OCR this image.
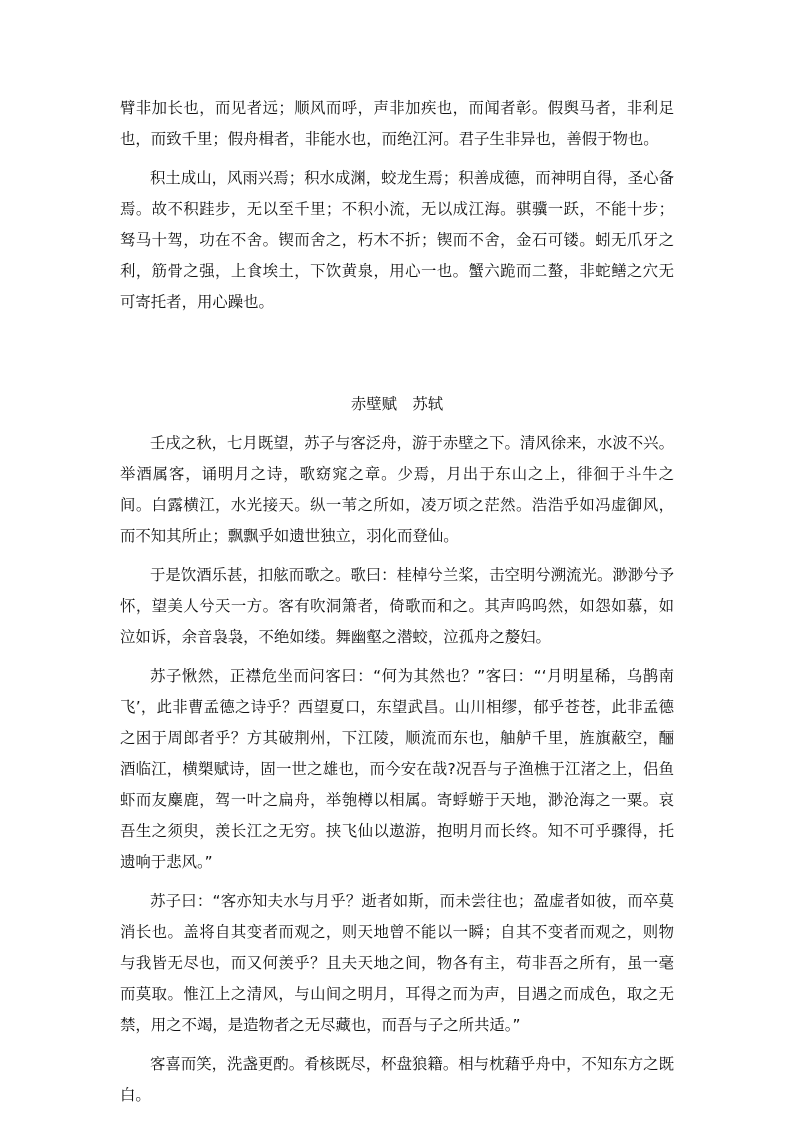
臂非加长也，而见者远；顺风而呼，声非加疾也，而闻者彰。假舆马者，非利足也，而致千里；假舟楫者，非能水也，而绝江河。君子生非异也，善假于物也。

积土成山，风雨兴焉；积水成渊，蛟龙生焉；积善成德，而神明自得，圣心备焉。故不积跬步，无以至千里；不积小流，无以成江海。骐骥一跃，不能十步；驽马十驾，功在不舍。锲而舍之，朽木不折；锲而不舍，金石可镂。蚓无爪牙之利，筋骨之强，上食埃土，下饮黄泉，用心一也。蟹六跪而二螯，非蛇鳝之穴无可寄托者，用心躁也。

赤壁赋　苏轼

壬戌之秋，七月既望，苏子与客泛舟，游于赤壁之下。清风徐来，水波不兴。举酒属客，诵明月之诗，歌窈窕之章。少焉，月出于东山之上，徘徊于斗牛之间。白露横江，水光接天。纵一苇之所如，凌万顷之茫然。浩浩乎如冯虚御风，而不知其所止；飘飘乎如遗世独立，羽化而登仙。

于是饮酒乐甚，扣舷而歌之。歌曰：桂棹兮兰桨，击空明兮溯流光。渺渺兮予怀，望美人兮天一方。客有吹洞箫者，倚歌而和之。其声呜呜然，如怨如慕，如泣如诉，余音袅袅，不绝如缕。舞幽壑之潜蛟，泣孤舟之嫠妇。

苏子愀然，正襟危坐而问客曰：“何为其然也？”客曰：“‘月明星稀，乌鹊南飞’，此非曹孟德之诗乎？西望夏口，东望武昌。山川相缪，郁乎苍苍，此非孟德之困于周郎者乎？方其破荆州，下江陵，顺流而东也，舳舻千里，旌旗蔽空，酾酒临江，横槊赋诗，固一世之雄也，而今安在哉?况吾与子渔樵于江渚之上，侣鱼虾而友麋鹿，驾一叶之扁舟，举匏樽以相属。寄蜉蝣于天地，渺沧海之一粟。哀吾生之须臾，羡长江之无穷。挟飞仙以遨游，抱明月而长终。知不可乎骤得，托遗响于悲风。”

苏子曰：“客亦知夫水与月乎？逝者如斯，而未尝往也；盈虚者如彼，而卒莫消长也。盖将自其变者而观之，则天地曾不能以一瞬；自其不变者而观之，则物与我皆无尽也，而又何羡乎？且夫天地之间，物各有主，苟非吾之所有，虽一毫而莫取。惟江上之清风，与山间之明月，耳得之而为声，目遇之而成色，取之无禁，用之不竭，是造物者之无尽藏也，而吾与子之所共适。”

客喜而笑，洗盏更酌。肴核既尽，杯盘狼籍。相与枕藉乎舟中，不知东方之既白。
